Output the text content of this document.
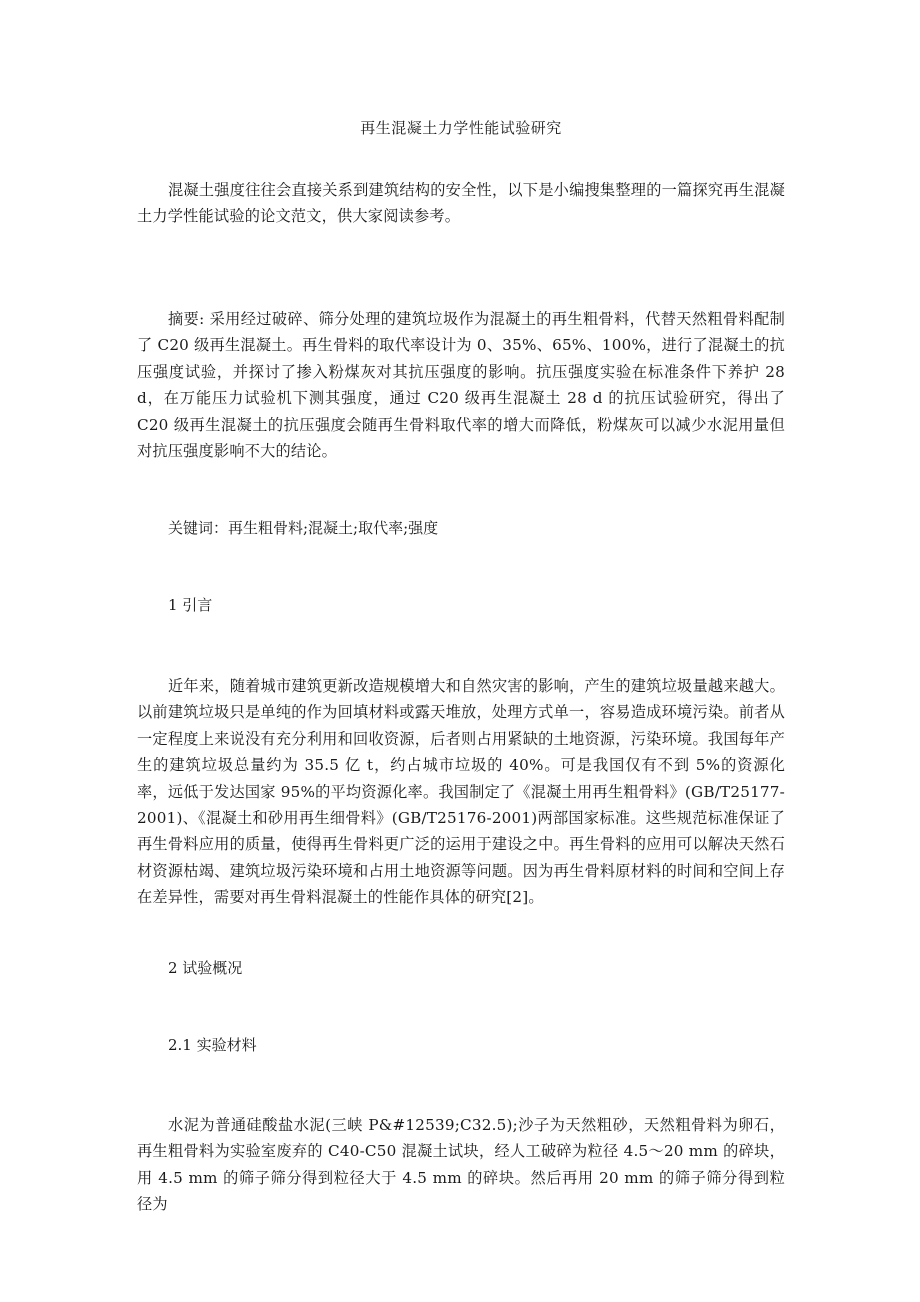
再生混凝土力学性能试验研究

混凝土强度往往会直接关系到建筑结构的安全性，以下是小编搜集整理的一篇探究再生混凝土力学性能试验的论文范文，供大家阅读参考。

摘要: 采用经过破碎、筛分处理的建筑垃圾作为混凝土的再生粗骨料，代替天然粗骨料配制了 C20 级再生混凝土。再生骨料的取代率设计为 0、35%、65%、100%，进行了混凝土的抗压强度试验，并探讨了掺入粉煤灰对其抗压强度的影响。抗压强度实验在标准条件下养护 28 d，在万能压力试验机下测其强度，通过 C20 级再生混凝土 28 d 的抗压试验研究，得出了 C20 级再生混凝土的抗压强度会随再生骨料取代率的增大而降低，粉煤灰可以减少水泥用量但对抗压强度影响不大的结论。

关键词：再生粗骨料;混凝土;取代率;强度

1 引言

近年来，随着城市建筑更新改造规模增大和自然灾害的影响，产生的建筑垃圾量越来越大。以前建筑垃圾只是单纯的作为回填材料或露天堆放，处理方式单一，容易造成环境污染。前者从一定程度上来说没有充分利用和回收资源，后者则占用紧缺的土地资源，污染环境。我国每年产生的建筑垃圾总量约为 35.5 亿 t，约占城市垃圾的 40%。可是我国仅有不到 5%的资源化率，远低于发达国家 95%的平均资源化率。我国制定了《混凝土用再生粗骨料》(GB/T25177-2001)、《混凝土和砂用再生细骨料》(GB/T25176-2001)两部国家标准。这些规范标准保证了再生骨料应用的质量，使得再生骨料更广泛的运用于建设之中。再生骨料的应用可以解决天然石材资源枯竭、建筑垃圾污染环境和占用土地资源等问题。因为再生骨料原材料的时间和空间上存在差异性，需要对再生骨料混凝土的性能作具体的研究[2]。

2 试验概况

2.1 实验材料

水泥为普通硅酸盐水泥(三峡 P&#12539;C32.5);沙子为天然粗砂，天然粗骨料为卵石，再生粗骨料为实验室废弃的 C40-C50 混凝土试块，经人工破碎为粒径 4.5～20 mm 的碎块，用 4.5 mm 的筛子筛分得到粒径大于 4.5 mm 的碎块。然后再用 20 mm 的筛子筛分得到粒径为
